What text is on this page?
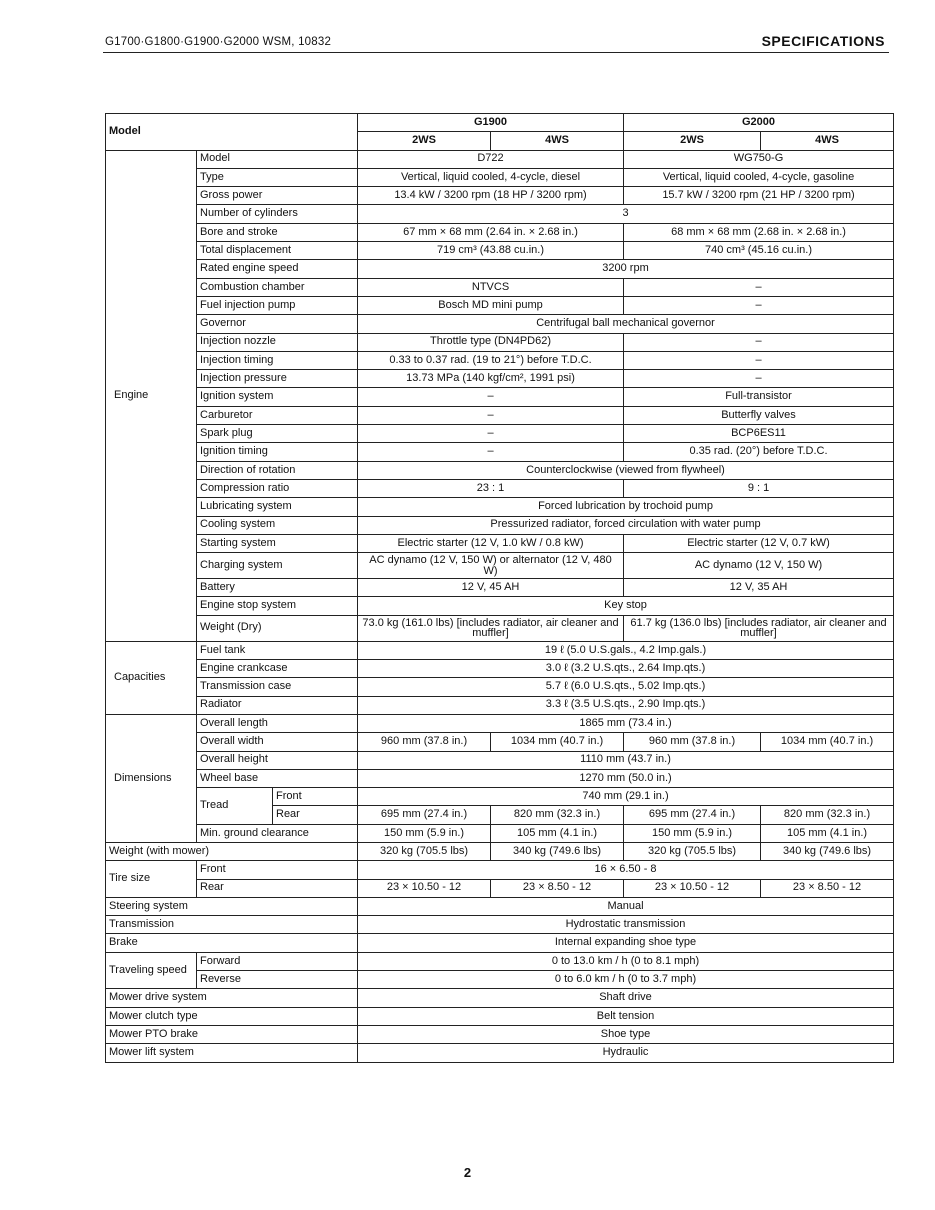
G1700·G1800·G1900·G2000 WSM, 10832	SPECIFICATIONS
Model			G1900		G2000	
			2WS	4WS	2WS	4WS
Engine	Model		D722		WG750-G	
	Type		Vertical, liquid cooled, 4-cycle, diesel		Vertical, liquid cooled, 4-cycle, gasoline	
	Gross power		13.4 kW / 3200 rpm (18 HP / 3200 rpm)		15.7 kW / 3200 rpm (21 HP / 3200 rpm)	
	Number of cylinders		3			
	Bore and stroke		67 mm × 68 mm (2.64 in. × 2.68 in.)		68 mm × 68 mm (2.68 in. × 2.68 in.)	
	Total displacement		719 cm³ (43.88 cu.in.)		740 cm³ (45.16 cu.in.)	
	Rated engine speed		3200 rpm			
	Combustion chamber		NTVCS		–	
	Fuel injection pump		Bosch MD mini pump		–	
	Governor		Centrifugal ball mechanical governor			
	Injection nozzle		Throttle type (DN4PD62)		–	
	Injection timing		0.33 to 0.37 rad. (19 to 21°) before T.D.C.		–	
	Injection pressure		13.73 MPa (140 kgf/cm², 1991 psi)		–	
	Ignition system		–		Full-transistor	
	Carburetor		–		Butterfly valves	
	Spark plug		–		BCP6ES11	
	Ignition timing		–		0.35 rad. (20°) before T.D.C.	
	Direction of rotation		Counterclockwise (viewed from flywheel)			
	Compression ratio		23 : 1		9 : 1	
	Lubricating system		Forced lubrication by trochoid pump			
	Cooling system		Pressurized radiator, forced circulation with water pump			
	Starting system		Electric starter (12 V, 1.0 kW / 0.8 kW)		Electric starter (12 V, 0.7 kW)	
	Charging system		AC dynamo (12 V, 150 W) or alternator (12 V, 480 W)		AC dynamo (12 V, 150 W)	
	Battery		12 V, 45 AH		12 V, 35 AH	
	Engine stop system		Key stop			
	Weight (Dry)		73.0 kg (161.0 lbs) [includes radiator, air cleaner and muffler]		61.7 kg (136.0 lbs) [includes radiator, air cleaner and muffler]	
Capacities	Fuel tank		19 ℓ (5.0 U.S.gals., 4.2 Imp.gals.)			
	Engine crankcase		3.0 ℓ (3.2 U.S.qts., 2.64 Imp.qts.)			
	Transmission case		5.7 ℓ (6.0 U.S.qts., 5.02 Imp.qts.)			
	Radiator		3.3 ℓ (3.5 U.S.qts., 2.90 Imp.qts.)			
Dimensions	Overall length		1865 mm (73.4 in.)			
	Overall width		960 mm (37.8 in.)	1034 mm (40.7 in.)	960 mm (37.8 in.)	1034 mm (40.7 in.)
	Overall height		1110 mm (43.7 in.)			
	Wheel base		1270 mm (50.0 in.)			
	Tread	Front	740 mm (29.1 in.)			
		Rear	695 mm (27.4 in.)	820 mm (32.3 in.)	695 mm (27.4 in.)	820 mm (32.3 in.)
	Min. ground clearance		150 mm (5.9 in.)	105 mm (4.1 in.)	150 mm (5.9 in.)	105 mm (4.1 in.)
Weight (with mower)			320 kg (705.5 lbs)	340 kg (749.6 lbs)	320 kg (705.5 lbs)	340 kg (749.6 lbs)
Tire size	Front		16 × 6.50 - 8			
	Rear		23 × 10.50 - 12	23 × 8.50 - 12	23 × 10.50 - 12	23 × 8.50 - 12
Steering system			Manual			
Transmission			Hydrostatic transmission			
Brake			Internal expanding shoe type			
Traveling speed	Forward		0 to 13.0 km / h (0 to 8.1 mph)			
	Reverse		0 to 6.0 km / h (0 to 3.7 mph)			
Mower drive system			Shaft drive			
Mower clutch type			Belt tension			
Mower PTO brake			Shoe type			
Mower lift system			Hydraulic			
2
